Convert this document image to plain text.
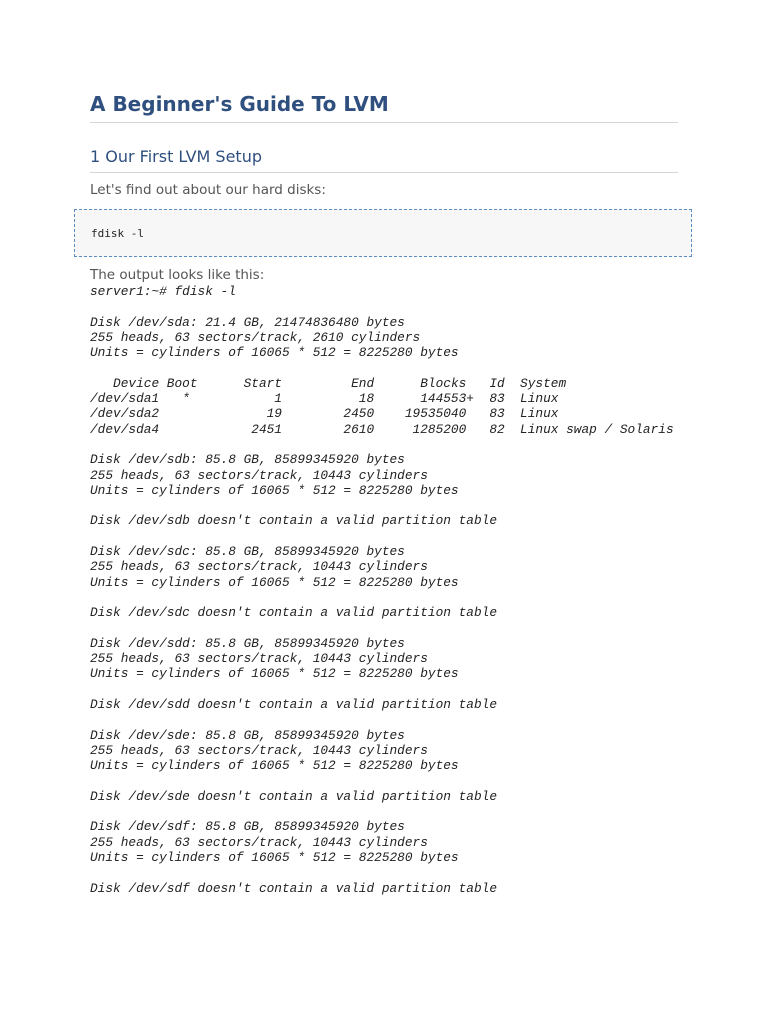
A Beginner's Guide To LVM
1 Our First LVM Setup

Let's find out about our hard disks:

fdisk -l

The output looks like this:

server1:~# fdisk -l

Disk /dev/sda: 21.4 GB, 21474836480 bytes
255 heads, 63 sectors/track, 2610 cylinders
Units = cylinders of 16065 * 512 = 8225280 bytes

Device Boot      Start         End      Blocks   Id  System
/dev/sda1   *           1          18      144553+  83  Linux
/dev/sda2              19        2450    19535040   83  Linux
/dev/sda4            2451        2610     1285200   82  Linux swap / Solaris

Disk /dev/sdb: 85.8 GB, 85899345920 bytes
255 heads, 63 sectors/track, 10443 cylinders
Units = cylinders of 16065 * 512 = 8225280 bytes

Disk /dev/sdb doesn't contain a valid partition table

Disk /dev/sdc: 85.8 GB, 85899345920 bytes
255 heads, 63 sectors/track, 10443 cylinders
Units = cylinders of 16065 * 512 = 8225280 bytes

Disk /dev/sdc doesn't contain a valid partition table

Disk /dev/sdd: 85.8 GB, 85899345920 bytes
255 heads, 63 sectors/track, 10443 cylinders
Units = cylinders of 16065 * 512 = 8225280 bytes

Disk /dev/sdd doesn't contain a valid partition table

Disk /dev/sde: 85.8 GB, 85899345920 bytes
255 heads, 63 sectors/track, 10443 cylinders
Units = cylinders of 16065 * 512 = 8225280 bytes

Disk /dev/sde doesn't contain a valid partition table

Disk /dev/sdf: 85.8 GB, 85899345920 bytes
255 heads, 63 sectors/track, 10443 cylinders
Units = cylinders of 16065 * 512 = 8225280 bytes

Disk /dev/sdf doesn't contain a valid partition table
